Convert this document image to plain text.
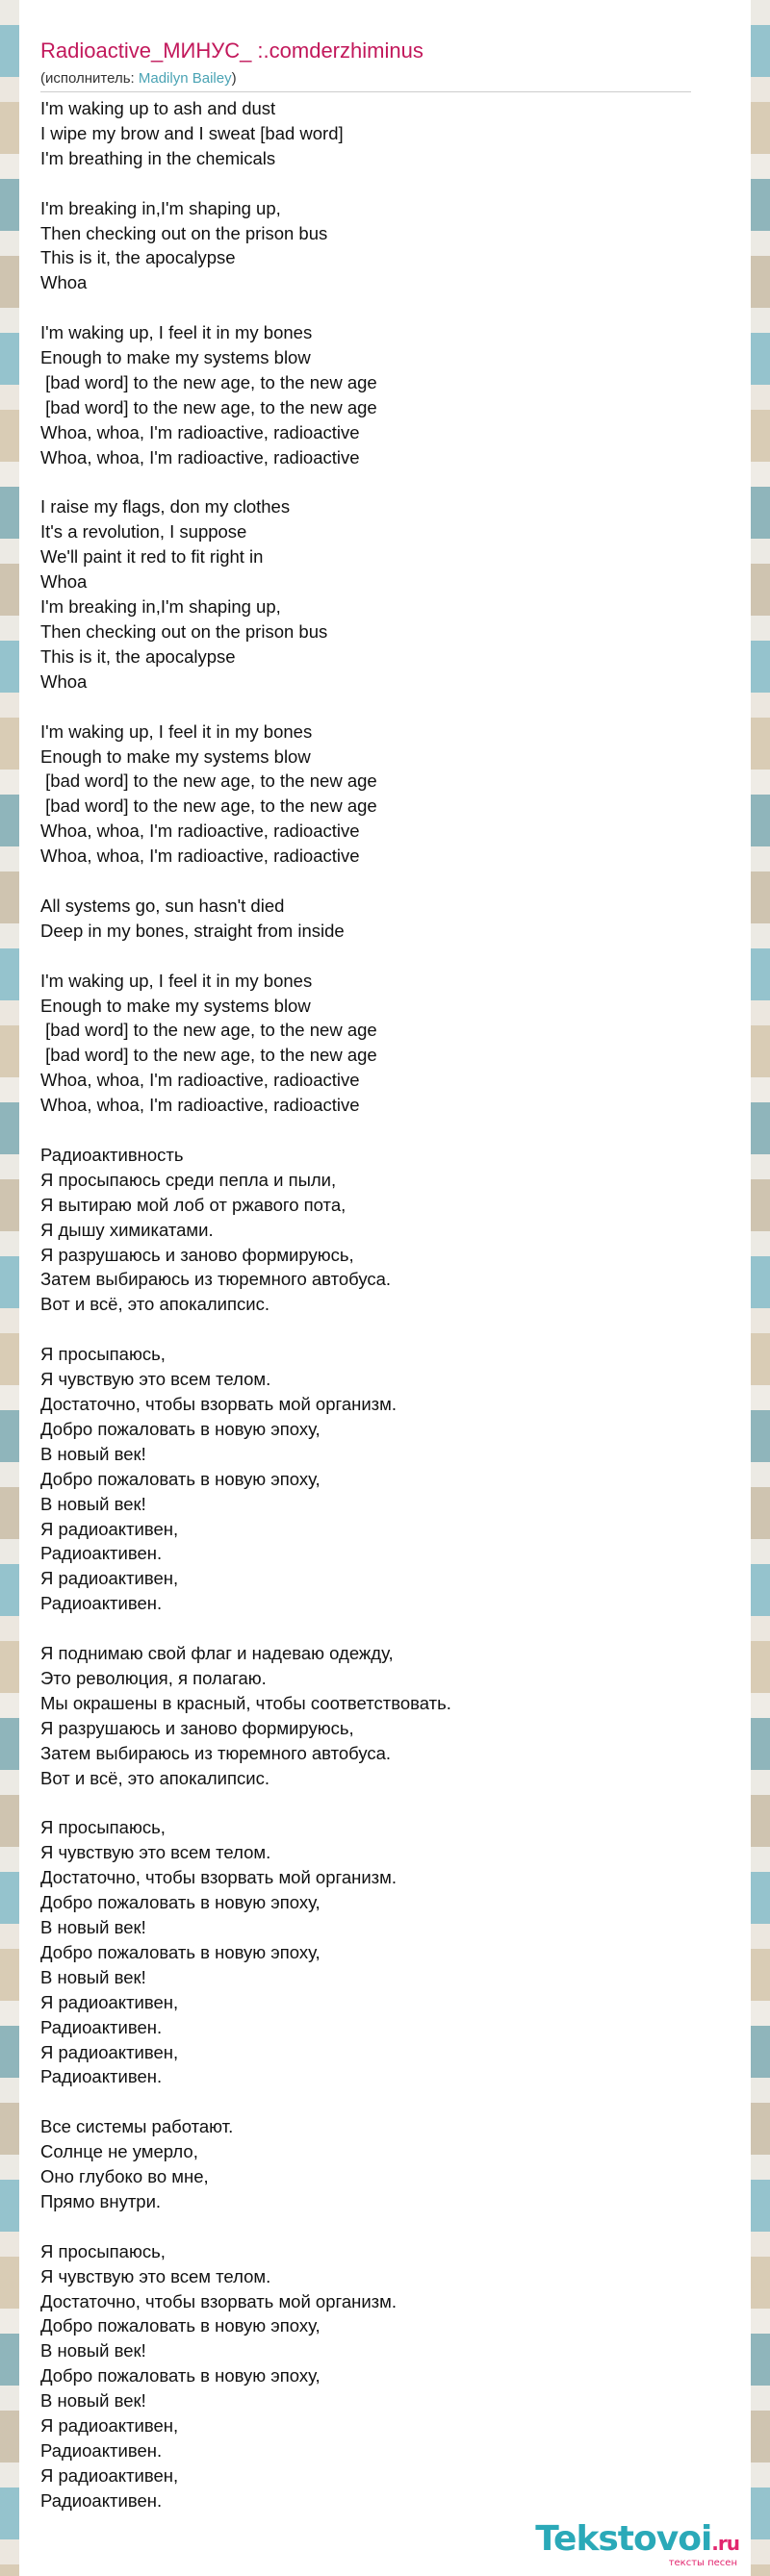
Radioactive_МИНУС_ :.comderzhiminus
(исполнитель: Madilyn Bailey)
I'm waking up to ash and dust
I wipe my brow and I sweat [bad word]
I'm breathing in the chemicals
I'm breaking in,I'm shaping up,
Then checking out on the prison bus
This is it, the apocalypse
Whoa
I'm waking up, I feel it in my bones
Enough to make my systems blow
[bad word] to the new age, to the new age
[bad word] to the new age, to the new age
Whoa, whoa, I'm radioactive, radioactive
Whoa, whoa, I'm radioactive, radioactive
I raise my flags, don my clothes
It's a revolution, I suppose
We'll paint it red to fit right in
Whoa
I'm breaking in,I'm shaping up,
Then checking out on the prison bus
This is it, the apocalypse
Whoa
I'm waking up, I feel it in my bones
Enough to make my systems blow
[bad word] to the new age, to the new age
[bad word] to the new age, to the new age
Whoa, whoa, I'm radioactive, radioactive
Whoa, whoa, I'm radioactive, radioactive
All systems go, sun hasn't died
Deep in my bones, straight from inside
I'm waking up, I feel it in my bones
Enough to make my systems blow
[bad word] to the new age, to the new age
[bad word] to the new age, to the new age
Whoa, whoa, I'm radioactive, radioactive
Whoa, whoa, I'm radioactive, radioactive
Радиоактивность
Я просыпаюсь среди пепла и пыли,
Я вытираю мой лоб от ржавого пота,
Я дышу химикатами.
Я разрушаюсь и заново формируюсь,
Затем выбираюсь из тюремного автобуса.
Вот и всё, это апокалипсис.
Я просыпаюсь,
Я чувствую это всем телом.
Достаточно, чтобы взорвать мой организм.
Добро пожаловать в новую эпоху,
В новый век!
Добро пожаловать в новую эпоху,
В новый век!
Я радиоактивен,
Радиоактивен.
Я радиоактивен,
Радиоактивен.
Я поднимаю свой флаг и надеваю одежду,
Это революция, я полагаю.
Мы окрашены в красный, чтобы соответствовать.
Я разрушаюсь и заново формируюсь,
Затем выбираюсь из тюремного автобуса.
Вот и всё, это апокалипсис.
Я просыпаюсь,
Я чувствую это всем телом.
Достаточно, чтобы взорвать мой организм.
Добро пожаловать в новую эпоху,
В новый век!
Добро пожаловать в новую эпоху,
В новый век!
Я радиоактивен,
Радиоактивен.
Я радиоактивен,
Радиоактивен.
Все системы работают.
Солнце не умерло,
Оно глубоко во мне,
Прямо внутри.
Я просыпаюсь,
Я чувствую это всем телом.
Достаточно, чтобы взорвать мой организм.
Добро пожаловать в новую эпоху,
В новый век!
Добро пожаловать в новую эпоху,
В новый век!
Я радиоактивен,
Радиоактивен.
Я радиоактивен,
Радиоактивен.
Tekstovoi.ru
тексты песен
